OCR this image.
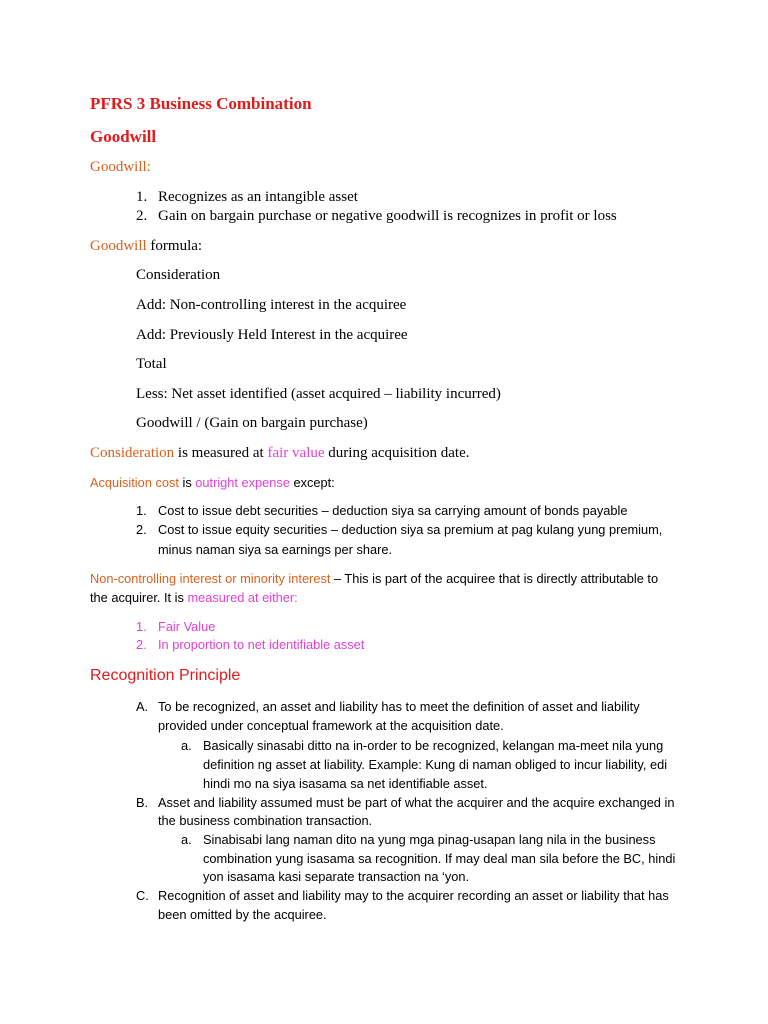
PFRS 3 Business Combination
Goodwill
Goodwill:
1. Recognizes as an intangible asset
2. Gain on bargain purchase or negative goodwill is recognizes in profit or loss
Goodwill formula:
Consideration
Add: Non-controlling interest in the acquiree
Add: Previously Held Interest in the acquiree
Total
Less: Net asset identified (asset acquired – liability incurred)
Goodwill / (Gain on bargain purchase)
Consideration is measured at fair value during acquisition date.
Acquisition cost is outright expense except:
1. Cost to issue debt securities – deduction siya sa carrying amount of bonds payable
2. Cost to issue equity securities – deduction siya sa premium at pag kulang yung premium,
minus naman siya sa earnings per share.
Non-controlling interest or minority interest – This is part of the acquiree that is directly attributable to
the acquirer. It is measured at either:
1. Fair Value
2. In proportion to net identifiable asset
Recognition Principle
A. To be recognized, an asset and liability has to meet the definition of asset and liability
provided under conceptual framework at the acquisition date.
a. Basically sinasabi ditto na in-order to be recognized, kelangan ma-meet nila yung
definition ng asset at liability. Example: Kung di naman obliged to incur liability, edi
hindi mo na siya isasama sa net identifiable asset.
B. Asset and liability assumed must be part of what the acquirer and the acquire exchanged in
the business combination transaction.
a. Sinabisabi lang naman dito na yung mga pinag-usapan lang nila in the business
combination yung isasama sa recognition. If may deal man sila before the BC, hindi
yon isasama kasi separate transaction na ‘yon.
C. Recognition of asset and liability may to the acquirer recording an asset or liability that has
been omitted by the acquiree.
